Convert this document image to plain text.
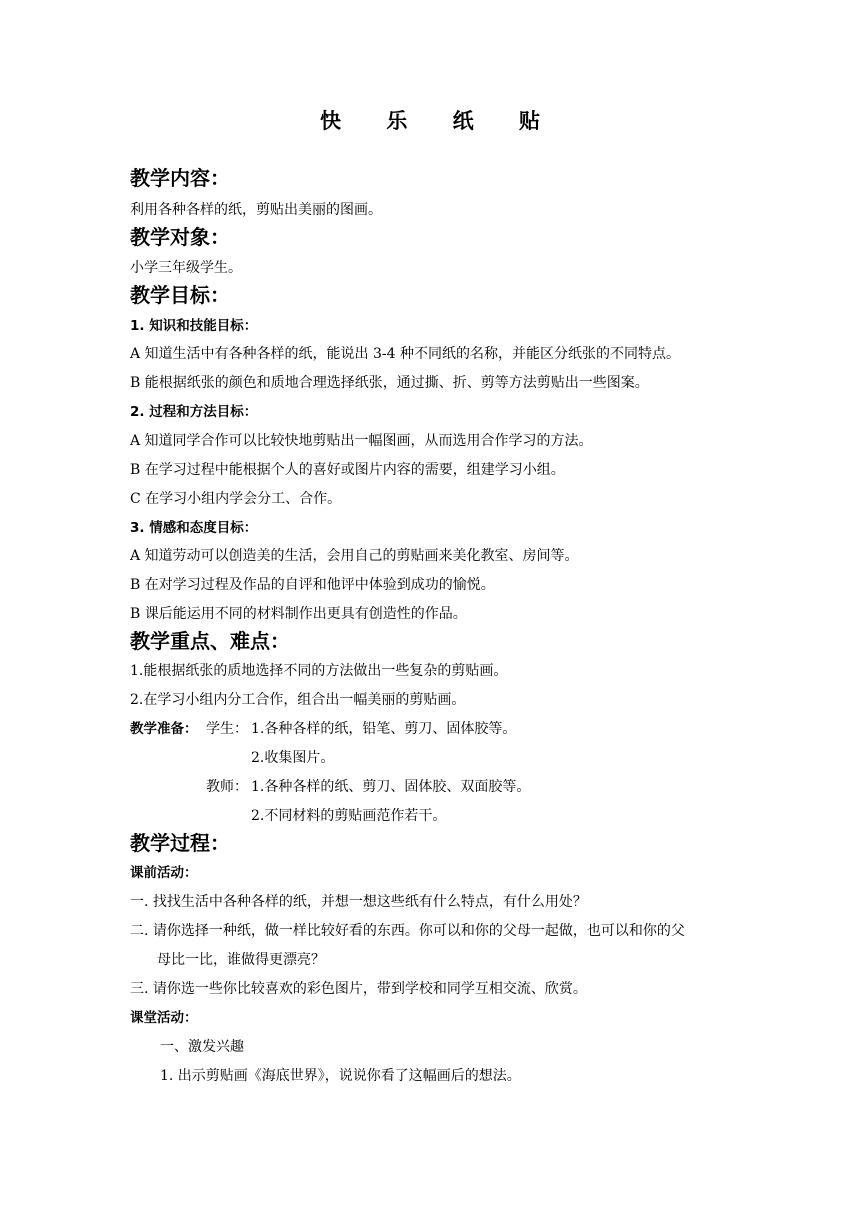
快 乐 纸 贴
教学内容：
利用各种各样的纸，剪贴出美丽的图画。
教学对象：
小学三年级学生。
教学目标：
1. 知识和技能目标：
A 知道生活中有各种各样的纸，能说出 3-4 种不同纸的名称，并能区分纸张的不同特点。
B 能根据纸张的颜色和质地合理选择纸张，通过撕、折、剪等方法剪贴出一些图案。
2. 过程和方法目标：
A 知道同学合作可以比较快地剪贴出一幅图画，从而选用合作学习的方法。
B 在学习过程中能根据个人的喜好或图片内容的需要，组建学习小组。
C 在学习小组内学会分工、合作。
3. 情感和态度目标：
A 知道劳动可以创造美的生活，会用自己的剪贴画来美化教室、房间等。
B 在对学习过程及作品的自评和他评中体验到成功的愉悦。
B 课后能运用不同的材料制作出更具有创造性的作品。
教学重点、难点：
1.能根据纸张的质地选择不同的方法做出一些复杂的剪贴画。
2.在学习小组内分工合作，组合出一幅美丽的剪贴画。
教学准备： 学生： 1.各种各样的纸，铅笔、剪刀、固体胶等。
2.收集图片。
教师： 1.各种各样的纸、剪刀、固体胶、双面胶等。
2.不同材料的剪贴画范作若干。
教学过程：
课前活动：
一. 找找生活中各种各样的纸，并想一想这些纸有什么特点，有什么用处？
二. 请你选择一种纸，做一样比较好看的东西。你可以和你的父母一起做，也可以和你的父
母比一比，谁做得更漂亮？
三. 请你选一些你比较喜欢的彩色图片，带到学校和同学互相交流、欣赏。
课堂活动：
一、激发兴趣
1. 出示剪贴画《海底世界》，说说你看了这幅画后的想法。
